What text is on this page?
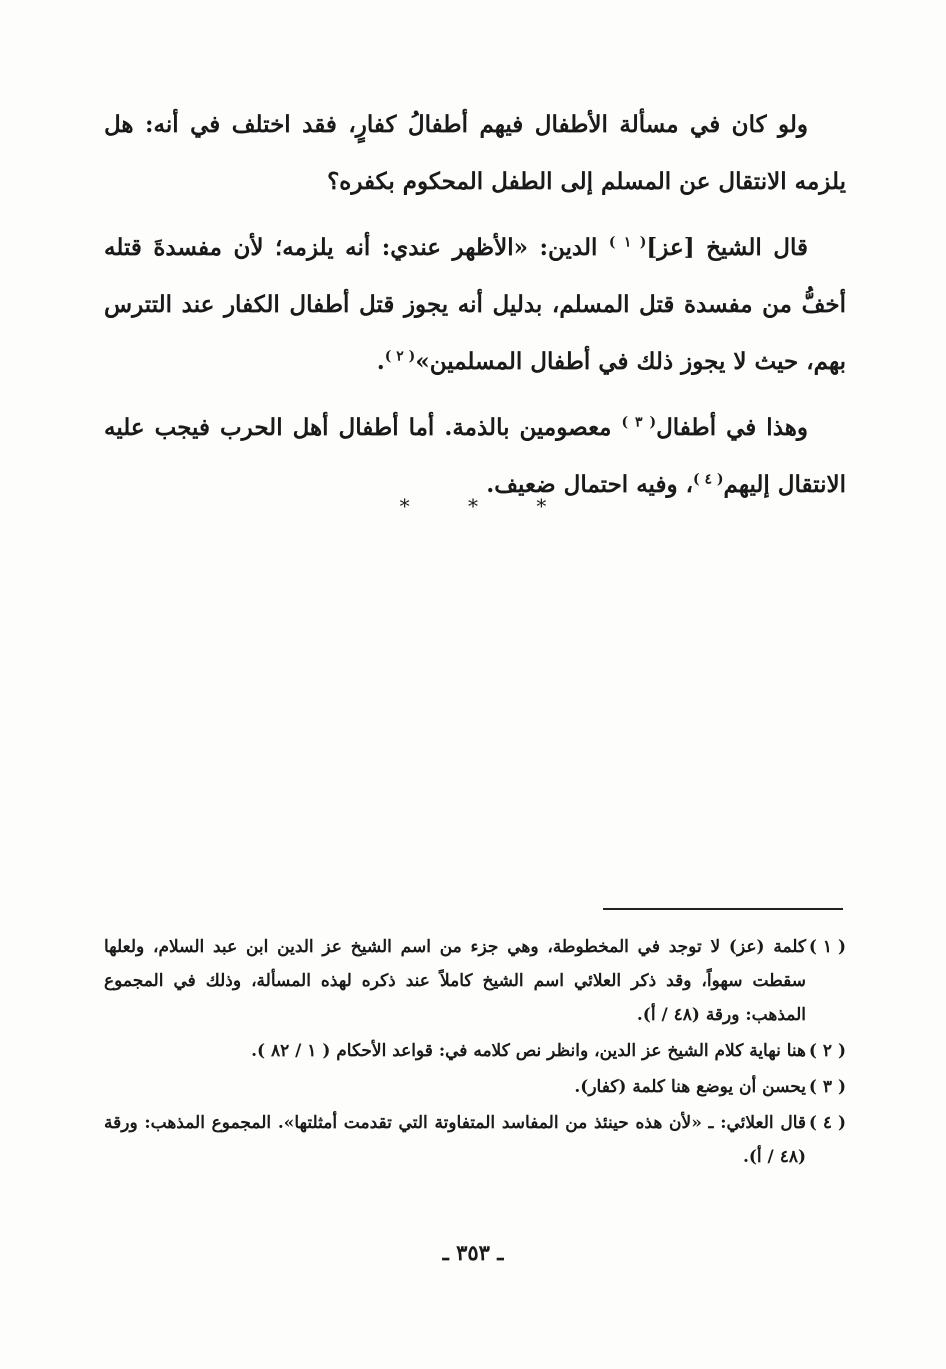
ولو كان في مسألة الأطفال فيهم أطفالُ كفارٍ، فقد اختلف في أنه: هل يلزمه الانتقال عن المسلم إلى الطفل المحكوم بكفره؟

قال الشيخ [عز]$^{( ١ )}$ الدين: «الأظهر عندي: أنه يلزمه؛ لأن مفسدةَ قتله أخفُّ من مفسدة قتل المسلم، بدليل أنه يجوز قتل أطفال الكفار عند التترس بهم، حيث لا يجوز ذلك في أطفال المسلمين»$^{( ٢ )}$.

وهذا في أطفال$^{( ٣ )}$ معصومين بالذمة. أما أطفال أهل الحرب فيجب عليه الانتقال إليهم$^{( ٤ )}$، وفيه احتمال ضعيف.

* * *
( ١ )كلمة (عز) لا توجد في المخطوطة، وهي جزء من اسم الشيخ عز الدين ابن عبد السلام، ولعلها سقطت سهواً، وقد ذكر العلائي اسم الشيخ كاملاً عند ذكره لهذه المسألة، وذلك في المجموع المذهب: ورقة (٤٨ / أ).
( ٢ )هنا نهاية كلام الشيخ عز الدين، وانظر نص كلامه في: قواعد الأحكام ( ١ / ٨٢ ).
( ٣ )يحسن أن يوضع هنا كلمة (كفار).
( ٤ )قال العلائي: ـ «لأن هذه حينئذ من المفاسد المتفاوتة التي تقدمت أمثلتها». المجموع المذهب: ورقة (٤٨ / أ).
ـ ٣٥٣ ـ
